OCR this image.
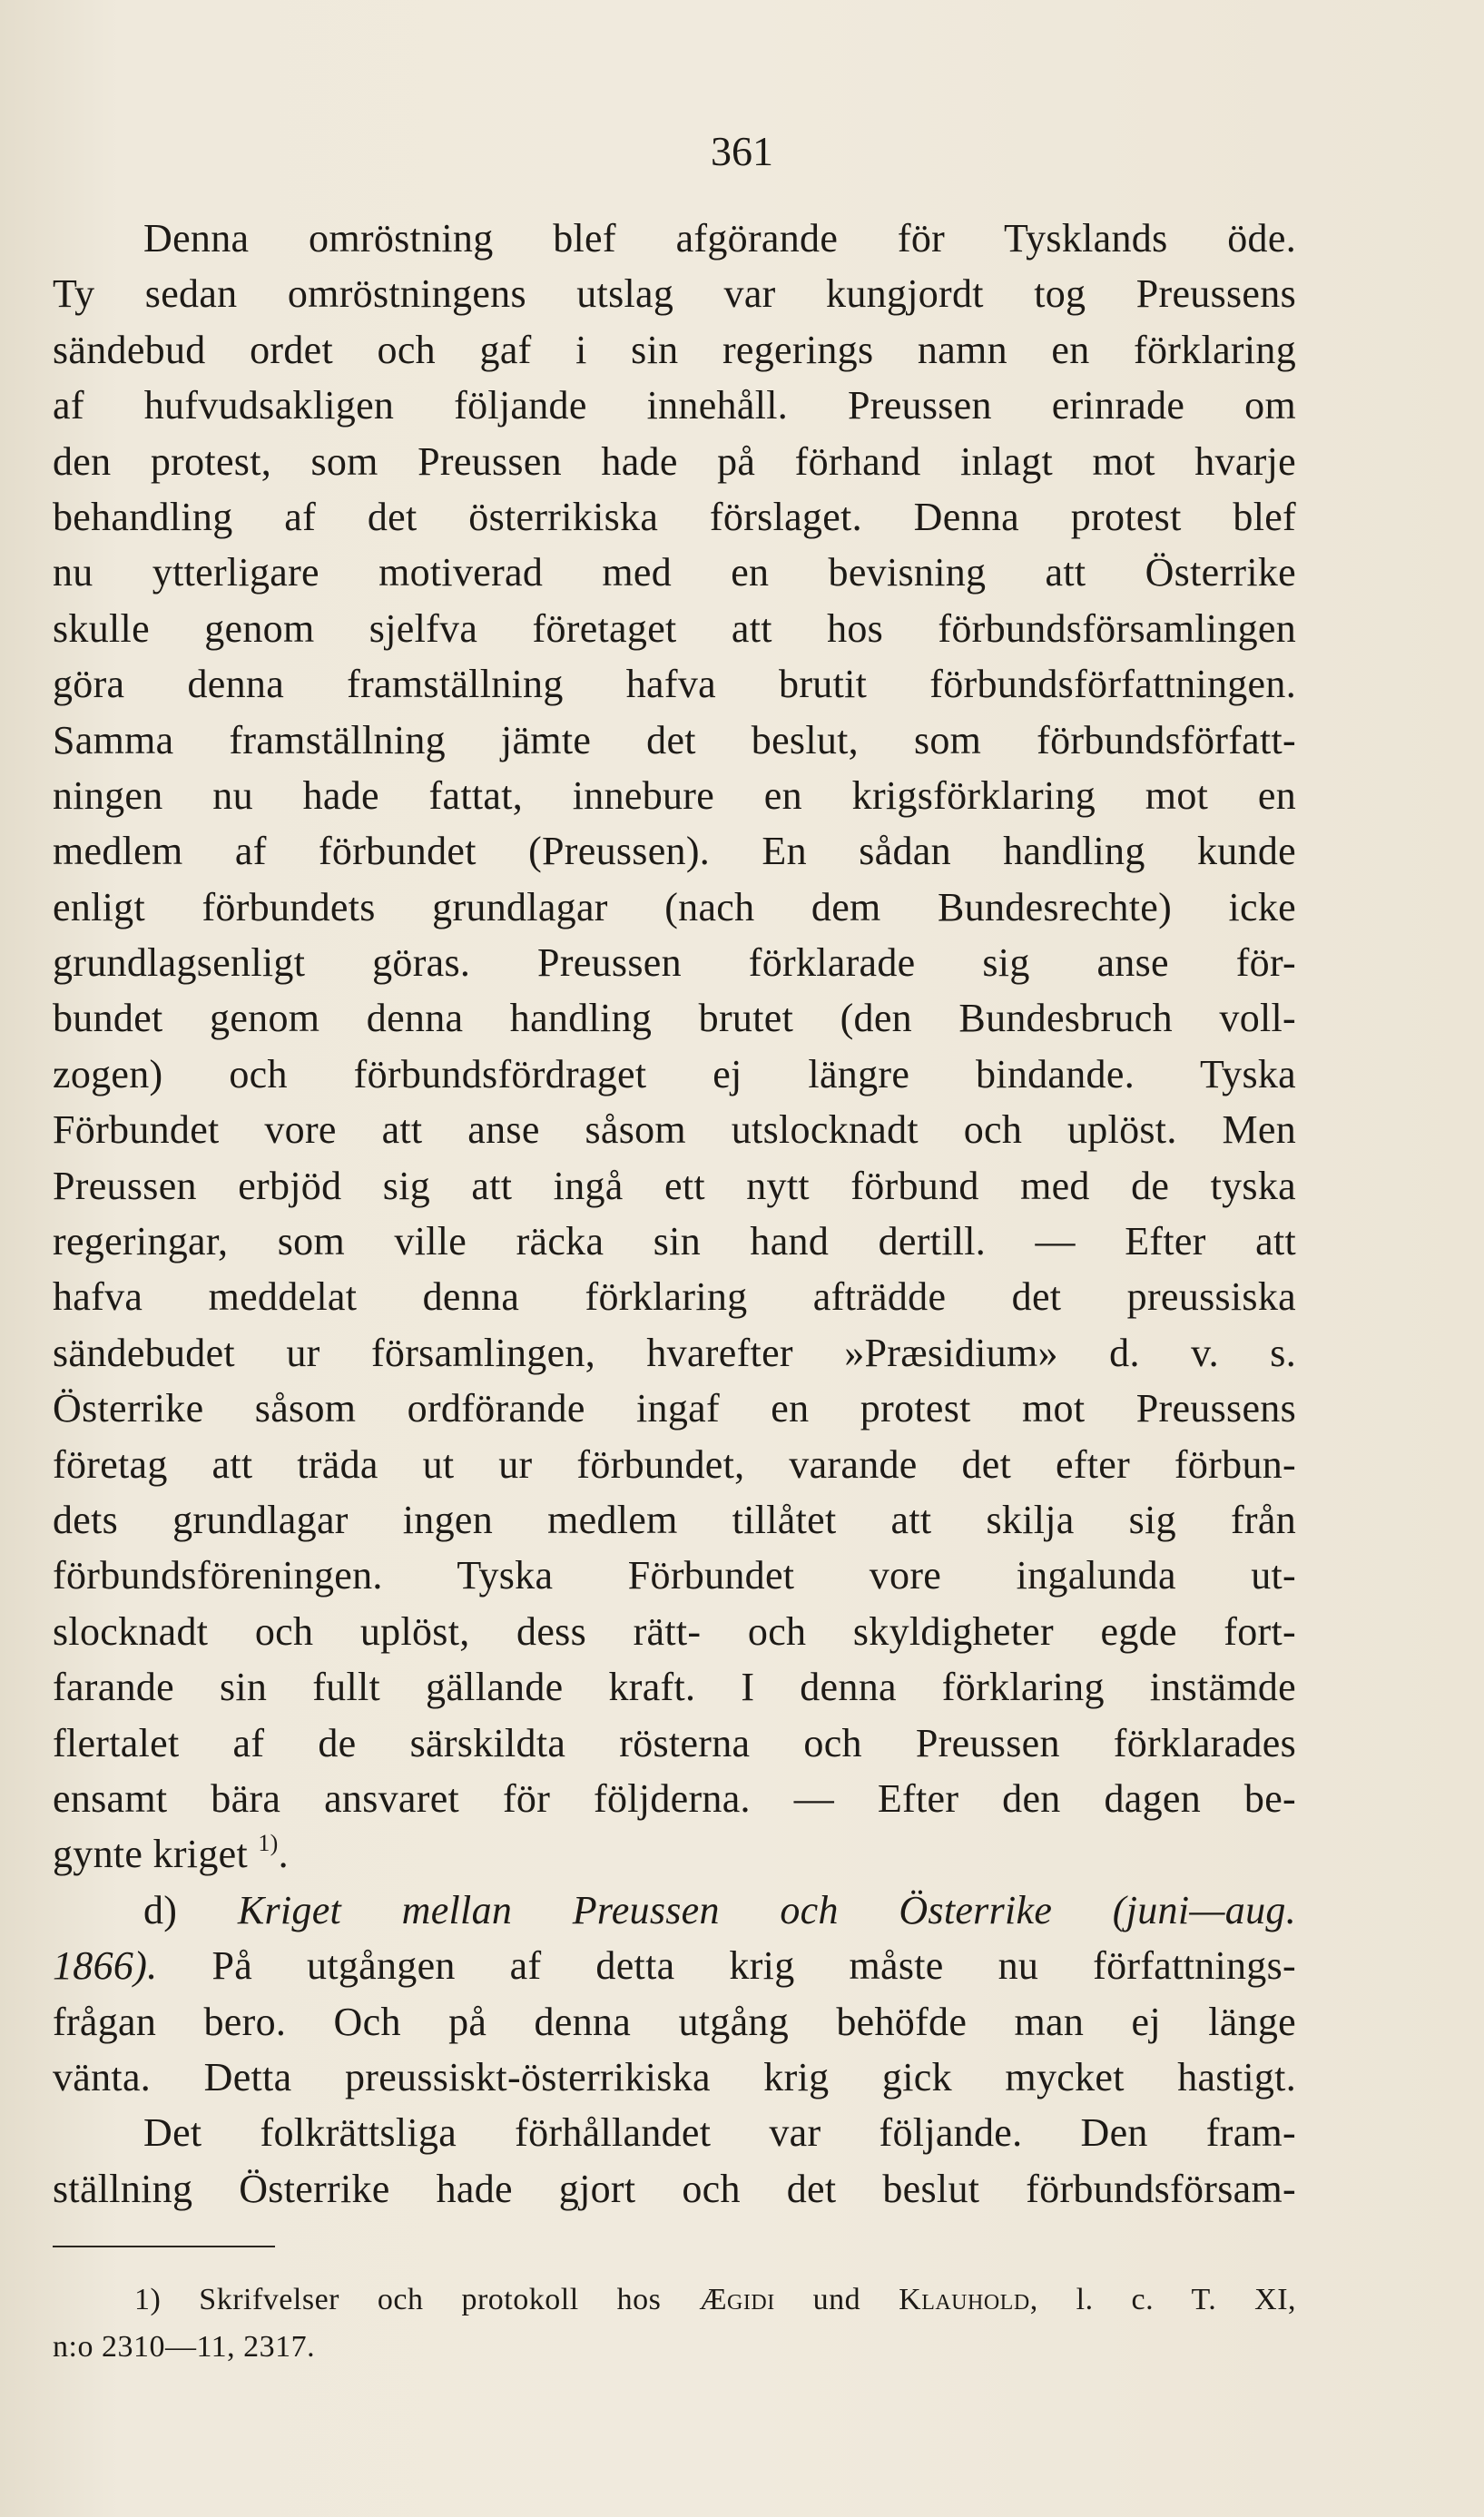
361
Denna omröstning blef afgörande för Tysklands öde.
Ty sedan omröstningens utslag var kungjordt tog Preussens
sändebud ordet och gaf i sin regerings namn en förklaring
af hufvudsakligen följande innehåll. Preussen erinrade om
den protest, som Preussen hade på förhand inlagt mot hvarje
behandling af det österrikiska förslaget. Denna protest blef
nu ytterligare motiverad med en bevisning att Österrike
skulle genom sjelfva företaget att hos förbundsförsamlingen
göra denna framställning hafva brutit förbundsförfattningen.
Samma framställning jämte det beslut, som förbundsförfatt-
ningen nu hade fattat, innebure en krigsförklaring mot en
medlem af förbundet (Preussen). En sådan handling kunde
enligt förbundets grundlagar (nach dem Bundesrechte) icke
grundlagsenligt göras. Preussen förklarade sig anse för-
bundet genom denna handling brutet (den Bundesbruch voll-
zogen) och förbundsfördraget ej längre bindande. Tyska
Förbundet vore att anse såsom utslocknadt och uplöst. Men
Preussen erbjöd sig att ingå ett nytt förbund med de tyska
regeringar, som ville räcka sin hand dertill. — Efter att
hafva meddelat denna förklaring afträdde det preussiska
sändebudet ur församlingen, hvarefter »Præsidium» d. v. s.
Österrike såsom ordförande ingaf en protest mot Preussens
företag att träda ut ur förbundet, varande det efter förbun-
dets grundlagar ingen medlem tillåtet att skilja sig från
förbundsföreningen. Tyska Förbundet vore ingalunda ut-
slocknadt och uplöst, dess rätt- och skyldigheter egde fort-
farande sin fullt gällande kraft. I denna förklaring instämde
flertalet af de särskildta rösterna och Preussen förklarades
ensamt bära ansvaret för följderna. — Efter den dagen be-
gynte kriget $^{1)}$.
d) Kriget mellan Preussen och Österrike (juni—aug.
1866). På utgången af detta krig måste nu författnings-
frågan bero. Och på denna utgång behöfde man ej länge
vänta. Detta preussiskt-österrikiska krig gick mycket hastigt.
Det folkrättsliga förhållandet var följande. Den fram-
ställning Österrike hade gjort och det beslut förbundsförsam-
1) Skrifvelser och protokoll hos Ægidi und Klauhold, l. c. T. XI,
n:o 2310—11, 2317.
